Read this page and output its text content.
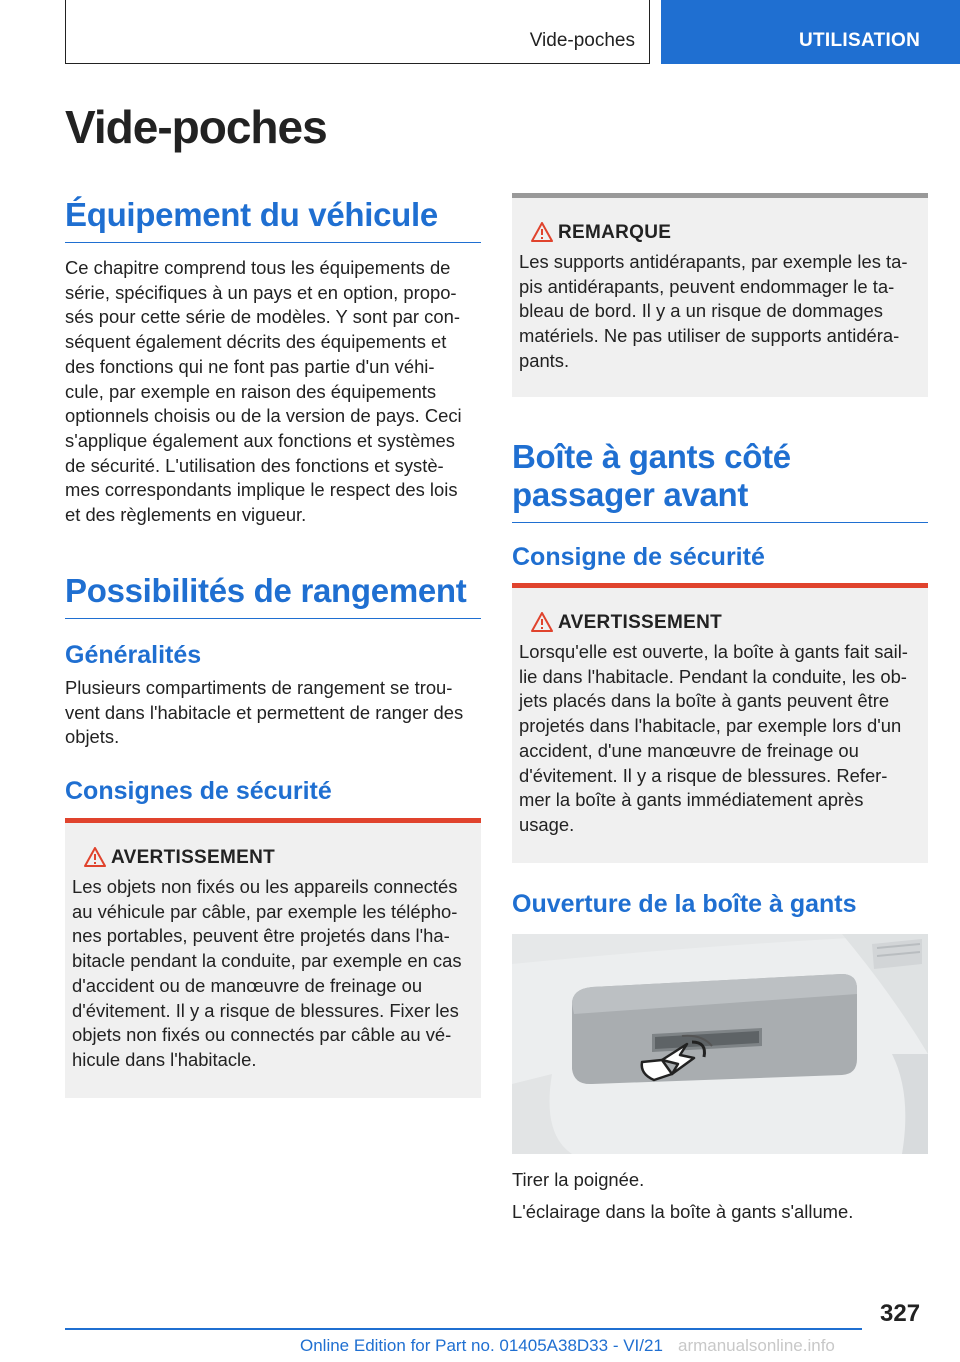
Vide-poches	UTILISATION
Vide-poches
Équipement du véhicule
Ce chapitre comprend tous les équipements de
série, spécifiques à un pays et en option, propo-
sés pour cette série de modèles. Y sont par con-
séquent également décrits des équipements et
des fonctions qui ne font pas partie d'un véhi-
cule, par exemple en raison des équipements
optionnels choisis ou de la version de pays. Ceci
s'applique également aux fonctions et systèmes
de sécurité. L'utilisation des fonctions et systè-
mes correspondants implique le respect des lois
et des règlements en vigueur.
Possibilités de rangement
Généralités
Plusieurs compartiments de rangement se trou-
vent dans l'habitacle et permettent de ranger des
objets.
Consignes de sécurité
AVERTISSEMENT
Les objets non fixés ou les appareils connectés
au véhicule par câble, par exemple les télépho-
nes portables, peuvent être projetés dans l'ha-
bitacle pendant la conduite, par exemple en cas
d'accident ou de manœuvre de freinage ou
d'évitement. Il y a risque de blessures. Fixer les
objets non fixés ou connectés par câble au vé-
hicule dans l'habitacle.
REMARQUE
Les supports antidérapants, par exemple les ta-
pis antidérapants, peuvent endommager le ta-
bleau de bord. Il y a un risque de dommages
matériels. Ne pas utiliser de supports antidéra-
pants.
Boîte à gants côté
passager avant
Consigne de sécurité
AVERTISSEMENT
Lorsqu'elle est ouverte, la boîte à gants fait sail-
lie dans l'habitacle. Pendant la conduite, les ob-
jets placés dans la boîte à gants peuvent être
projetés dans l'habitacle, par exemple lors d'un
accident, d'une manœuvre de freinage ou
d'évitement. Il y a risque de blessures. Refer-
mer la boîte à gants immédiatement après
usage.
Ouverture de la boîte à gants
Tirer la poignée.
L'éclairage dans la boîte à gants s'allume.
327
Online Edition for Part no. 01405A38D33 - VI/21 armanualsonline.info
